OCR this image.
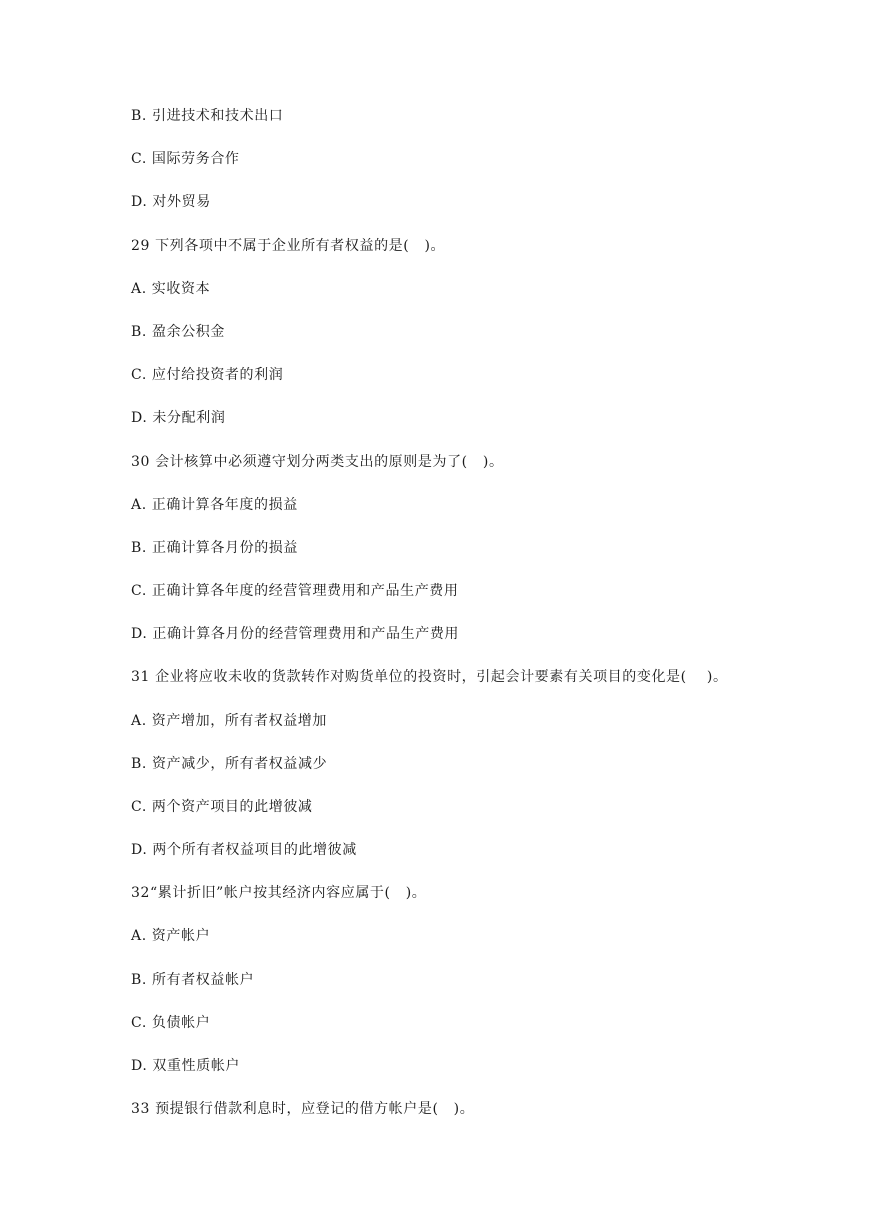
B. 引进技术和技术出口
C. 国际劳务合作
D. 对外贸易
29 下列各项中不属于企业所有者权益的是(   )。
A. 实收资本
B. 盈余公积金
C. 应付给投资者的利润
D. 未分配利润
30 会计核算中必须遵守划分两类支出的原则是为了(   )。
A. 正确计算各年度的损益
B. 正确计算各月份的损益
C. 正确计算各年度的经营管理费用和产品生产费用
D. 正确计算各月份的经营管理费用和产品生产费用
31 企业将应收未收的货款转作对购货单位的投资时，引起会计要素有关项目的变化是(    )。
A. 资产增加，所有者权益增加
B. 资产减少，所有者权益减少
C. 两个资产项目的此增彼减
D. 两个所有者权益项目的此增彼减
32“累计折旧”帐户按其经济内容应属于(   )。
A. 资产帐户
B. 所有者权益帐户
C. 负债帐户
D. 双重性质帐户
33 预提银行借款利息时，应登记的借方帐户是(   )。
